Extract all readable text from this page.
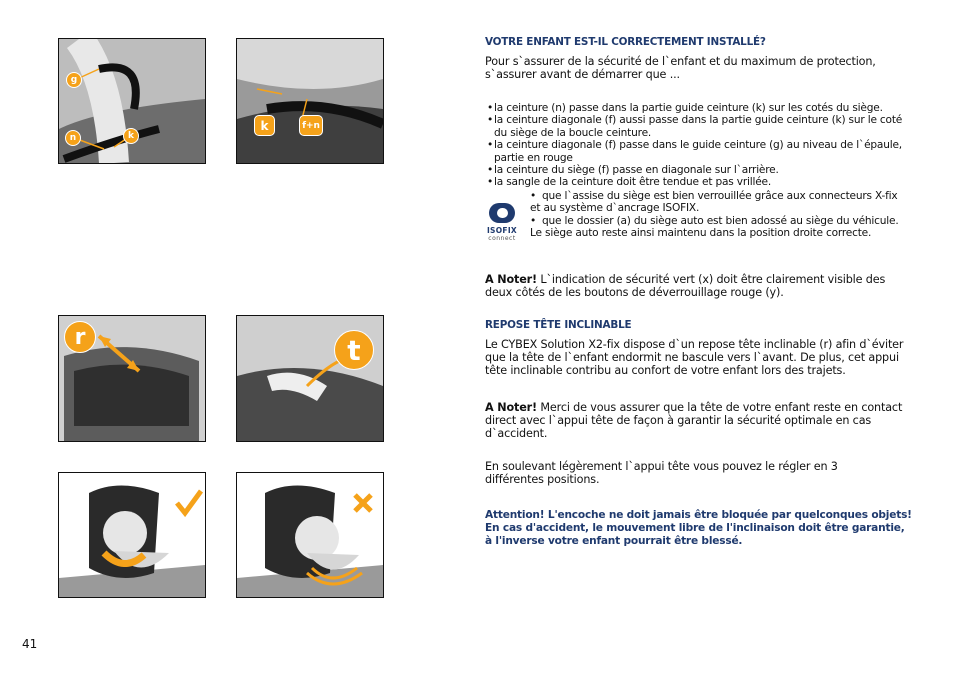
g
n	k
k	f+n
r	t
VOTRE ENFANT EST-IL CORRECTEMENT INSTALLÉ?
Pour s`assurer de la sécurité de l`enfant et du maximum de protection, s`assurer avant de démarrer que ...
• la ceinture (n) passe dans la partie guide ceinture (k) sur les cotés du siège.
• la ceinture diagonale (f) aussi passe dans la partie guide ceinture (k) sur le coté du siège de la boucle ceinture.
• la ceinture diagonale (f) passe dans le guide ceinture (g) au niveau de l`épaule, partie en rouge
• la ceinture du siège (f) passe en diagonale sur l`arrière.
• la sangle de la ceinture doit être tendue et pas vrillée.
ISOFIX
connect
• que l`assise du siège est bien verrouillée grâce aux connecteurs X-fix et au système d`ancrage ISOFIX.
• que le dossier (a) du siège auto est bien adossé au siège du véhicule. Le siège auto reste ainsi maintenu dans la position droite correcte.
A Noter! L`indication de sécurité vert (x) doit être clairement visible des deux côtés de les boutons de déverrouillage rouge (y).
REPOSE TÊTE INCLINABLE
Le CYBEX Solution X2-fix dispose d`un repose tête inclinable (r) afin d`éviter que la tête de l`enfant endormit ne bascule vers l`avant. De plus, cet appui
tête inclinable contribu au confort de votre enfant lors des trajets.
A Noter! Merci de vous assurer que la tête de votre enfant reste en contact direct avec l`appui tête de façon à garantir la sécurité optimale en cas d`accident.
En soulevant légèrement l`appui tête vous pouvez le régler en 3 différentes positions.
Attention! L'encoche ne doit jamais être bloquée par quelconques objets!
En cas d'accident, le mouvement libre de l'inclinaison doit être garantie,
à l'inverse votre enfant pourrait être blessé.
41
